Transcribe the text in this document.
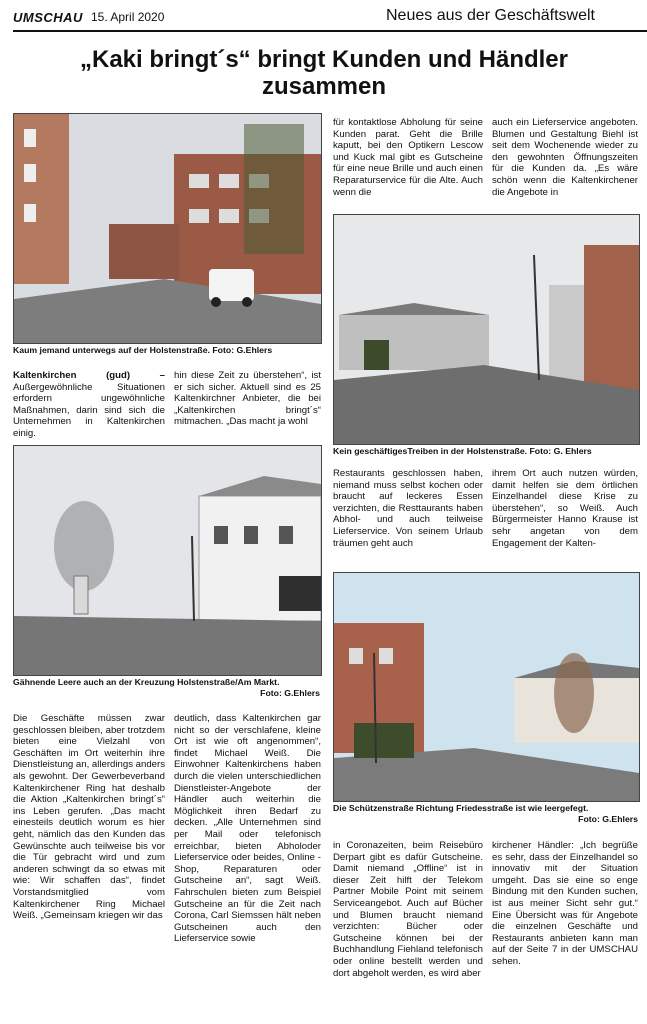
UMSCHAU 15. April 2020	Neues aus der Geschäftswelt
„Kaki bringt´s“ bringt Kunden und Händler
zusammen

Kaum jemand unterwegs auf der Holstenstraße. Foto: G.Ehlers

Kaltenkirchen (gud) – Außergewöhnliche Situationen erfordern ungewöhnliche Maßnahmen, darin sind sich die Unternehmen in Kaltenkirchen einig.

hin diese Zeit zu überstehen“, ist er sich sicher. Aktuell sind es 25 Kaltenkirchner Anbieter, die bei „Kaltenkirchen bringt´s“ mitmachen. „Das macht ja wohl

für kontaktlose Abholung für seine Kunden parat. Geht die Brille kaputt, bei den Optikern Lescow und Kuck mal gibt es Gutscheine für eine neue Brille und auch einen Reparaturservice für die Alte. Auch wenn die

auch ein Lieferservice angeboten. Blumen und Gestaltung Biehl ist seit dem Wochenende wieder zu den gewohnten Öffnungszeiten für die Kunden da. „Es wäre schön wenn die Kaltenkirchener die Angebote in

Kein geschäftigesTreiben in der Holstenstraße. Foto: G. Ehlers

Gähnende Leere auch an der Kreuzung Holstenstraße/Am Markt.
Foto: G.Ehlers

Restaurants geschlossen haben, niemand muss selbst kochen oder braucht auf leckeres Essen verzichten, die Resttaurants haben Abhol- und auch teilweise Lieferservice. Von seinem Urlaub träumen geht auch

ihrem Ort auch nutzen würden, damit helfen sie dem örtlichen Einzelhandel diese Krise zu überstehen“, so Weiß. Auch Bürgermeister Hanno Krause ist sehr angetan von dem Engagement der Kalten-

Die Schützenstraße Richtung Friedesstraße ist wie leergefegt.
Foto: G.Ehlers

Die Geschäfte müssen zwar geschlossen bleiben, aber trotzdem bieten eine Vielzahl von Geschäften im Ort weiterhin ihre Dienstleistung an, allerdings anders als gewohnt. Der Gewerbeverband Kaltenkirchener Ring hat deshalb die Aktion „Kaltenkirchen bringt´s“ ins Leben gerufen. „Das macht einesteils deutlich worum es hier geht, nämlich das den Kunden das Gewünschte auch teilweise bis vor die Tür gebracht wird und zum anderen schwingt da so etwas mit wie: Wir schaffen das“, findet Vorstandsmitglied vom Kaltenkirchener Ring Michael Weiß. „Gemeinsam kriegen wir das

deutlich, dass Kaltenkirchen gar nicht so der verschlafene, kleine Ort ist wie oft angenommen“, findet Michael Weiß. Die Einwohner Kaltenkirchens haben durch die vielen unterschiedlichen Dienstleister-Angebote der Händler auch weiterhin die Möglichkeit ihren Bedarf zu decken. „Alle Unternehmen sind per Mail oder telefonisch erreichbar, bieten Abholoder Lieferservice oder beides, Online -Shop, Reparaturen oder Gutscheine an“, sagt Weiß. Fahrschulen bieten zum Beispiel Gutscheine an für die Zeit nach Corona, Carl Siemssen hält neben Gutscheinen auch den Lieferservice sowie

in Coronazeiten, beim Reisebüro Derpart gibt es dafür Gutscheine. Damit niemand „Offline“ ist in dieser Zeit hilft der Telekom Partner Mobile Point mit seinem Serviceangebot. Auch auf Bücher und Blumen braucht niemand verzichten: Bücher oder Gutscheine können bei der Buchhandlung Fiehland telefonisch oder online bestellt werden und dort abgeholt werden, es wird aber

kirchener Händler: „Ich begrüße es sehr, dass der Einzelhandel so innovativ mit der Situation umgeht. Das sie eine so enge Bindung mit den Kunden suchen, ist aus meiner Sicht sehr gut.“ Eine Übersicht was für Angebote die einzelnen Geschäfte und Restaurants anbieten kann man auf der Seite 7 in der UMSCHAU sehen.
